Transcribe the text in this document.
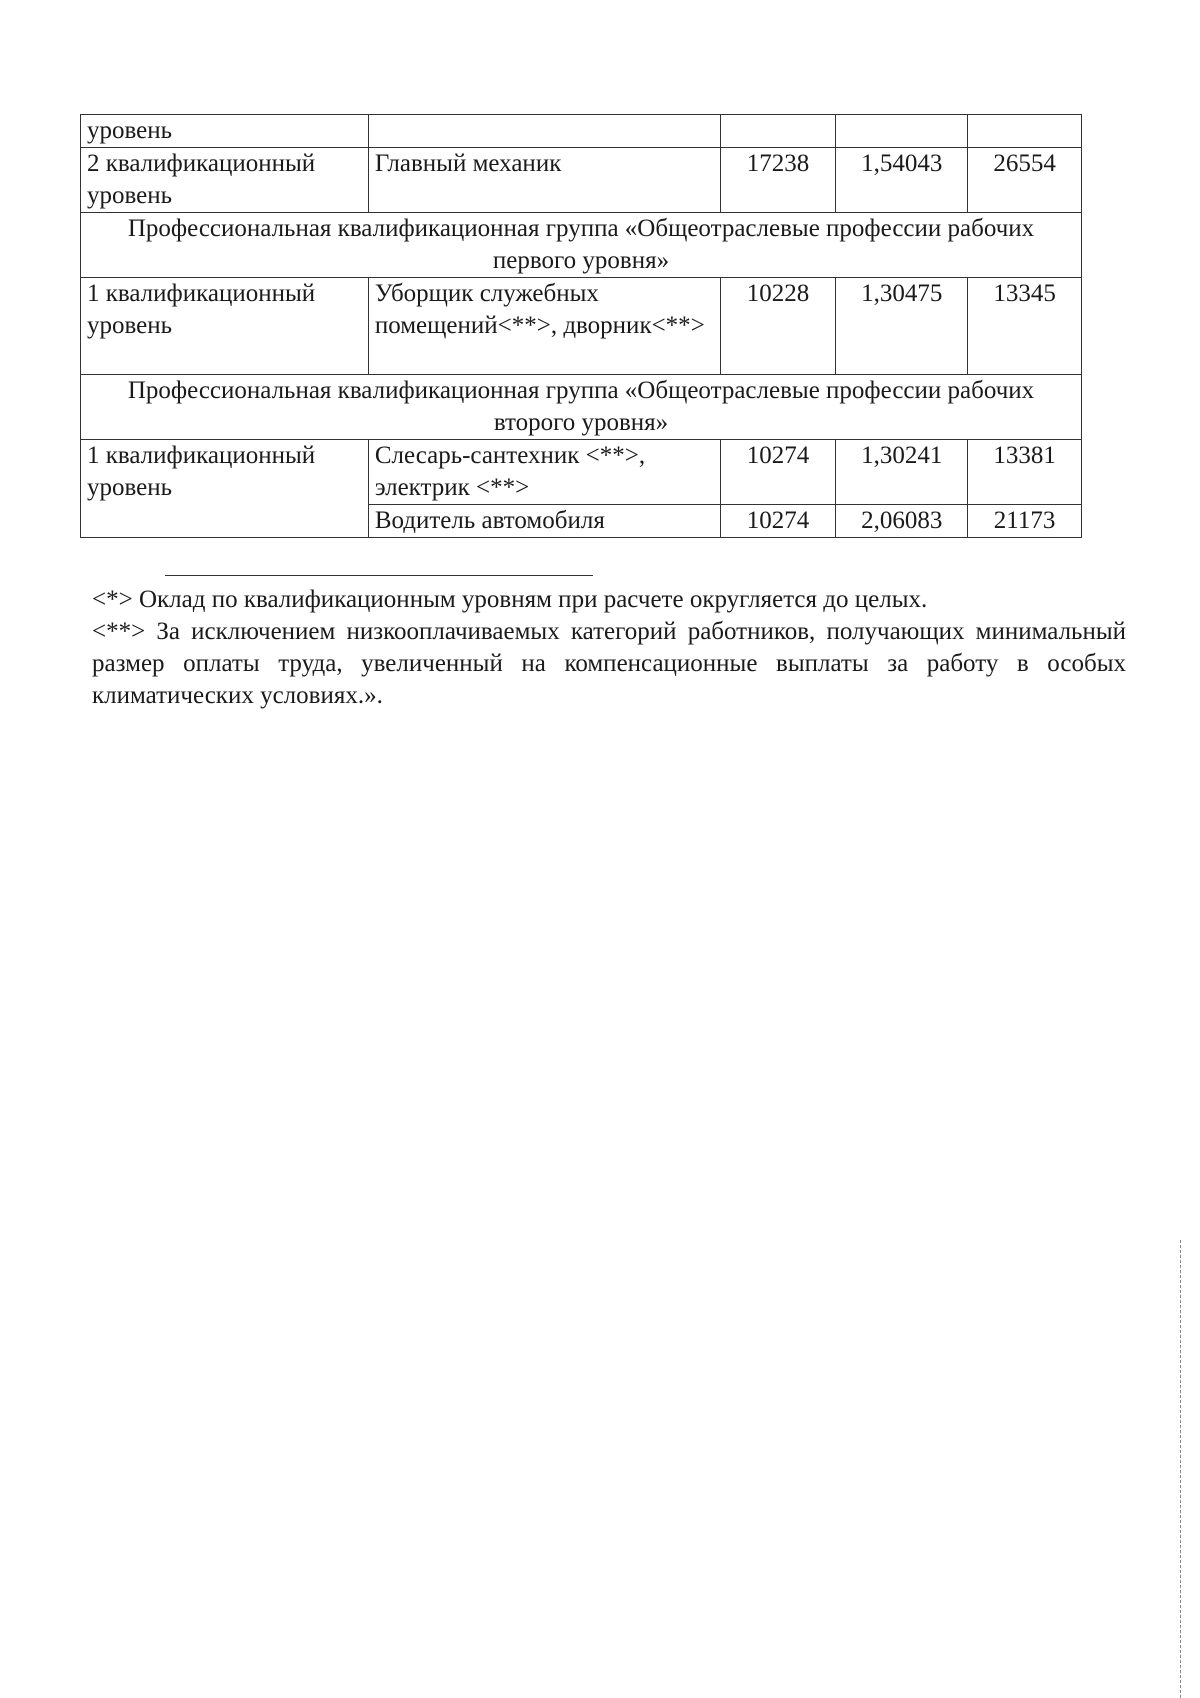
уровень				
2 квалификационный уровень	Главный механик	17238	1,54043	26554
Профессиональная квалификационная группа «Общеотраслевые профессии рабочих первого уровня»				
1 квалификационный уровень	Уборщик служебных помещений<**>, дворник<**>	10228	1,30475	13345
Профессиональная квалификационная группа «Общеотраслевые профессии рабочих второго уровня»				
1 квалификационный уровень	Слесарь-сантехник <**>, электрик <**>	10274	1,30241	13381
	Водитель автомобиля	10274	2,06083	21173

<*> Оклад по квалификационным уровням при расчете округляется до целых.

<**> За исключением низкооплачиваемых категорий работников, получающих минимальный размер оплаты труда, увеличенный на компенсационные выплаты за работу в особых климатических условиях.».
